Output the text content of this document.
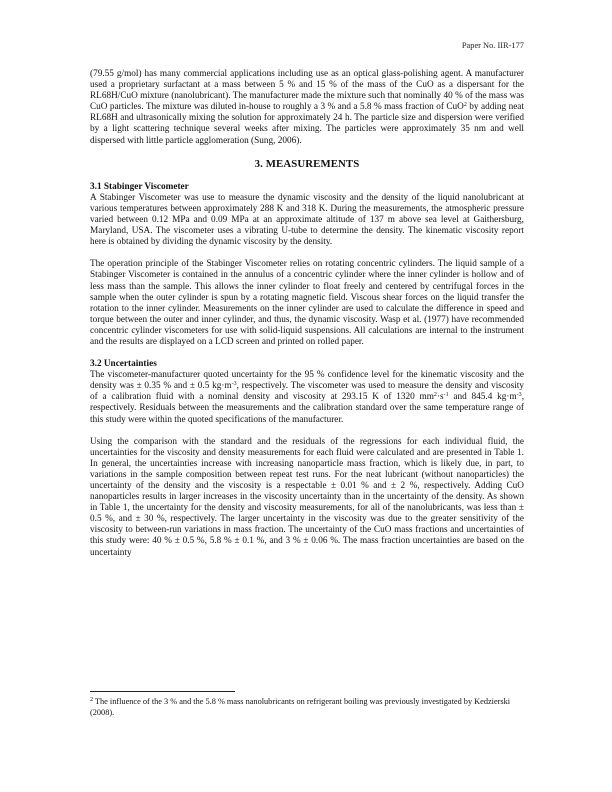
Paper No. IIR-177

(79.55 g/mol) has many commercial applications including use as an optical glass-polishing agent. A manufacturer used a proprietary surfactant at a mass between 5 % and 15 % of the mass of the CuO as a dispersant for the RL68H/CuO mixture (nanolubricant). The manufacturer made the mixture such that nominally 40 % of the mass was CuO particles. The mixture was diluted in-house to roughly a 3 % and a 5.8 % mass fraction of CuO$^2$ by adding neat RL68H and ultrasonically mixing the solution for approximately 24 h. The particle size and dispersion were verified by a light scattering technique several weeks after mixing. The particles were approximately 35 nm and well dispersed with little particle agglomeration (Sung, 2006).

3. MEASUREMENTS

3.1 Stabinger Viscometer

A Stabinger Viscometer was use to measure the dynamic viscosity and the density of the liquid nanolubricant at various temperatures between approximately 288 K and 318 K. During the measurements, the atmospheric pressure varied between 0.12 MPa and 0.09 MPa at an approximate altitude of 137 m above sea level at Gaithersburg, Maryland, USA. The viscometer uses a vibrating U-tube to determine the density. The kinematic viscosity report here is obtained by dividing the dynamic viscosity by the density.

The operation principle of the Stabinger Viscometer relies on rotating concentric cylinders. The liquid sample of a Stabinger Viscometer is contained in the annulus of a concentric cylinder where the inner cylinder is hollow and of less mass than the sample. This allows the inner cylinder to float freely and centered by centrifugal forces in the sample when the outer cylinder is spun by a rotating magnetic field. Viscous shear forces on the liquid transfer the rotation to the inner cylinder. Measurements on the inner cylinder are used to calculate the difference in speed and torque between the outer and inner cylinder, and thus, the dynamic viscosity. Wasp et al. (1977) have recommended concentric cylinder viscometers for use with solid-liquid suspensions. All calculations are internal to the instrument and the results are displayed on a LCD screen and printed on rolled paper.

3.2 Uncertainties

The viscometer-manufacturer quoted uncertainty for the 95 % confidence level for the kinematic viscosity and the density was ± 0.35 % and ± 0.5 $kg\cdot m^{-3}$, respectively. The viscometer was used to measure the density and viscosity of a calibration fluid with a nominal density and viscosity at 293.15 K of 1320 $mm^2\cdot s^{-1}$ and 845.4 $kg\cdot m^{-3}$, respectively. Residuals between the measurements and the calibration standard over the same temperature range of this study were within the quoted specifications of the manufacturer.

Using the comparison with the standard and the residuals of the regressions for each individual fluid, the uncertainties for the viscosity and density measurements for each fluid were calculated and are presented in Table 1. In general, the uncertainties increase with increasing nanoparticle mass fraction, which is likely due, in part, to variations in the sample composition between repeat test runs. For the neat lubricant (without nanoparticles) the uncertainty of the density and the viscosity is a respectable ± 0.01 % and ± 2 %, respectively. Adding CuO nanoparticles results in larger increases in the viscosity uncertainty than in the uncertainty of the density. As shown in Table 1, the uncertainty for the density and viscosity measurements, for all of the nanolubricants, was less than ± 0.5 %, and ± 30 %, respectively. The larger uncertainty in the viscosity was due to the greater sensitivity of the viscosity to between-run variations in mass fraction. The uncertainty of the CuO mass fractions and uncertainties of this study were: 40 % ± 0.5 %, 5.8 % ± 0.1 %, and 3 % ± 0.06 %. The mass fraction uncertainties are based on the uncertainty

$^2$ The influence of the 3 % and the 5.8 % mass nanolubricants on refrigerant boiling was previously investigated by Kedzierski (2008).
